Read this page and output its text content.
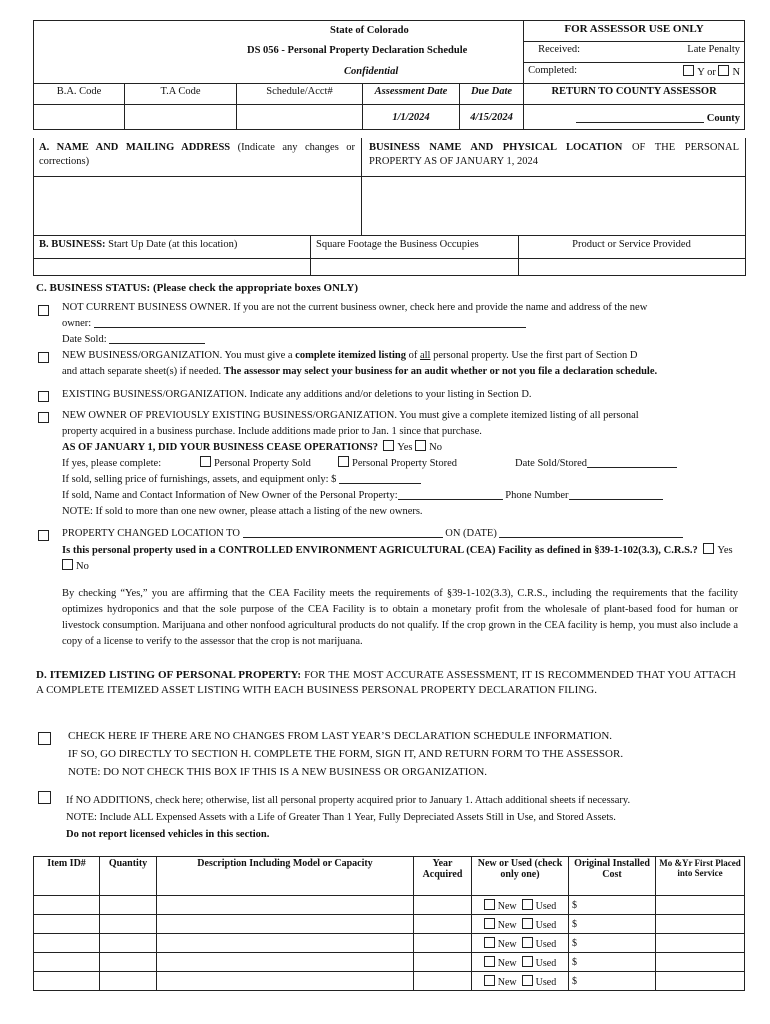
State of Colorado
DS 056 - Personal Property Declaration Schedule
Confidential					FOR ASSESSOR USE ONLY
					Received: Late Penalty

					Completed: Y or N

B.A. Code	T.A Code	Schedule/Acct#	Assessment Date	Due Date	RETURN TO COUNTY ASSESSOR
			1/1/2024	4/15/2024	County
A. NAME AND MAILING ADDRESS (Indicate any changes or corrections)
BUSINESS NAME AND PHYSICAL LOCATION OF THE PERSONAL PROPERTY AS OF JANUARY 1, 2024
B. BUSINESS: Start Up Date (at this location)	Square Footage the Business Occupies	Product or Service Provided
C. BUSINESS STATUS: (Please check the appropriate boxes ONLY)
NOT CURRENT BUSINESS OWNER. If you are not the current business owner, check here and provide the name and address of the new
owner:
Date Sold:
NEW BUSINESS/ORGANIZATION. You must give a complete itemized listing of all personal property. Use the first part of Section D
and attach separate sheet(s) if needed. The assessor may select your business for an audit whether or not you file a declaration schedule.
EXISTING BUSINESS/ORGANIZATION. Indicate any additions and/or deletions to your listing in Section D.
NEW OWNER OF PREVIOUSLY EXISTING BUSINESS/ORGANIZATION. You must give a complete itemized listing of all personal
property acquired in a business purchase. Include additions made prior to Jan. 1 since that purchase.
AS OF JANUARY 1, DID YOUR BUSINESS CEASE OPERATIONS? Yes No
If yes, please complete:	Personal Property Sold	Personal Property Stored	Date Sold/Stored
If sold, selling price of furnishings, assets, and equipment only: $
If sold, Name and Contact Information of New Owner of the Personal Property:	Phone Number
NOTE: If sold to more than one new owner, please attach a listing of the new owners.
PROPERTY CHANGED LOCATION TO	ON (DATE)
Is this personal property used in a CONTROLLED ENVIRONMENT AGRICULTURAL (CEA) Facility as defined in §39-1-102(3.3), C.R.S.? Yes  No
By checking “Yes,” you are affirming that the CEA Facility meets the requirements of §39-1-102(3.3), C.R.S., including the requirements that the facility optimizes hydroponics and that the sole purpose of the CEA Facility is to obtain a monetary profit from the wholesale of plant-based food for human or livestock consumption. Marijuana and other nonfood agricultural products do not qualify. If the crop grown in the CEA facility is hemp, you must also include a copy of a license to verify to the assessor that the crop is not marijuana.
D. ITEMIZED LISTING OF PERSONAL PROPERTY: FOR THE MOST ACCURATE ASSESSMENT, IT IS RECOMMENDED THAT YOU ATTACH A COMPLETE ITEMIZED ASSET LISTING WITH EACH BUSINESS PERSONAL PROPERTY DECLARATION FILING.
CHECK HERE IF THERE ARE NO CHANGES FROM LAST YEAR’S DECLARATION SCHEDULE INFORMATION.
IF SO, GO DIRECTLY TO SECTION H. COMPLETE THE FORM, SIGN IT, AND RETURN FORM TO THE ASSESSOR.
NOTE: DO NOT CHECK THIS BOX IF THIS IS A NEW BUSINESS OR ORGANIZATION.
If NO ADDITIONS, check here; otherwise, list all personal property acquired prior to January 1. Attach additional sheets if necessary.
NOTE: Include ALL Expensed Assets with a Life of Greater Than 1 Year, Fully Depreciated Assets Still in Use, and Stored Assets.
Do not report licensed vehicles in this section.
Item ID#	Quantity	Description Including Model or Capacity	Year Acquired	New or Used (check only one)	Original Installed Cost	Mo &Yr First Placed into Service
				New Used	$	
				New Used	$	
				New Used	$	
				New Used	$	
				New Used	$	
